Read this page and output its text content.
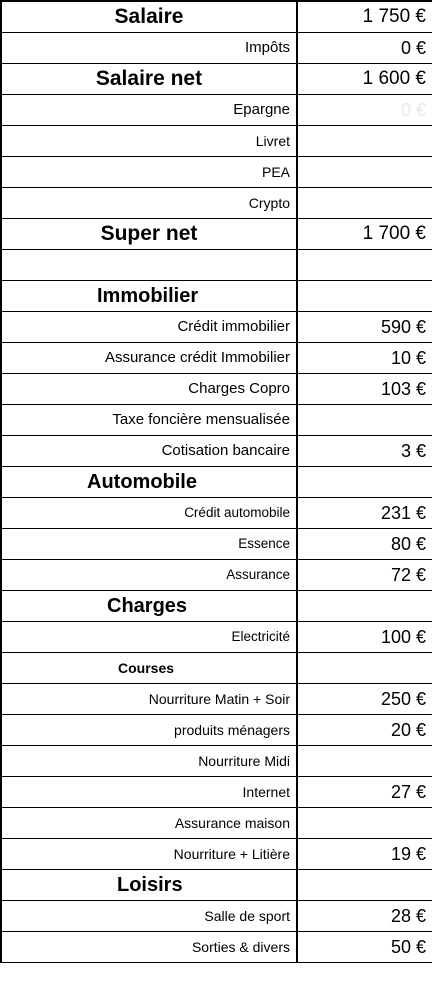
Salaire	1 750 €
Impôts	0 €
Salaire net	1 600 €
Epargne	0 €
Livret	
PEA	
Crypto	
Super net	1 700 €

Immobilier	
Crédit immobilier	590 €
Assurance crédit Immobilier	10 €
Charges Copro	103 €
Taxe foncière mensualisée	
Cotisation bancaire	3 €
Automobile	
Crédit automobile	231 €
Essence	80 €
Assurance	72 €
Charges	
Electricité	100 €
Courses	
Nourriture Matin + Soir	250 €
produits ménagers	20 €
Nourriture Midi	
Internet	27 €
Assurance maison	
Nourriture + Litière	19 €
Loisirs	
Salle de sport	28 €
Sorties & divers	50 €
